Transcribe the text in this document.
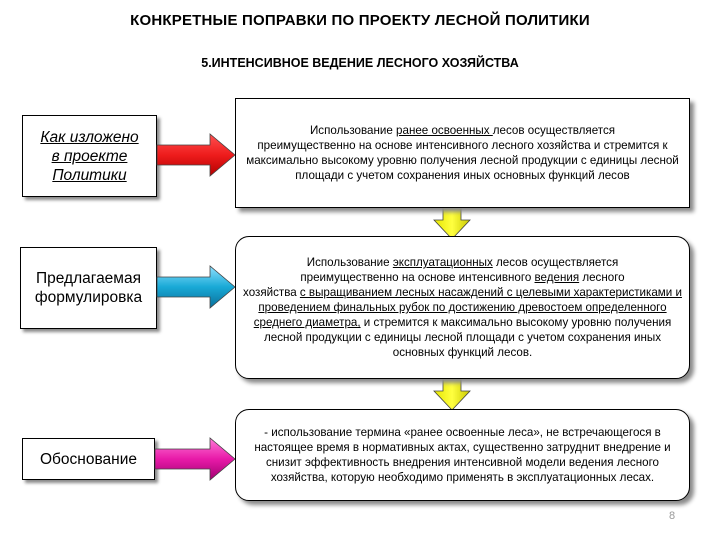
КОНКРЕТНЫЕ ПОПРАВКИ ПО ПРОЕКТУ ЛЕСНОЙ ПОЛИТИКИ
5.ИНТЕНСИВНОЕ ВЕДЕНИЕ ЛЕСНОГО ХОЗЯЙСТВА
Как изложено
в проекте
Политики
Предлагаемая
формулировка
Обоснование
Использование ранее освоенных лесов осуществляется
преимущественно на основе интенсивного лесного хозяйства и стремится к максимально высокому уровню получения лесной продукции с единицы лесной площади с учетом сохранения иных основных функций лесов
Использование эксплуатационных лесов осуществляется
преимущественно на основе интенсивного ведения лесного
хозяйства с выращиванием лесных насаждений с целевыми характеристиками и проведением финальных рубок по достижению древостоем определенного среднего диаметра, и стремится к максимально высокому уровню получения лесной продукции с единицы лесной площади с учетом сохранения иных основных функций лесов.
- использование термина «ранее освоенные леса», не встречающегося в настоящее время в нормативных актах, существенно затруднит внедрение и снизит эффективность внедрения интенсивной модели ведения лесного хозяйства, которую необходимо применять в эксплуатационных лесах.
8
